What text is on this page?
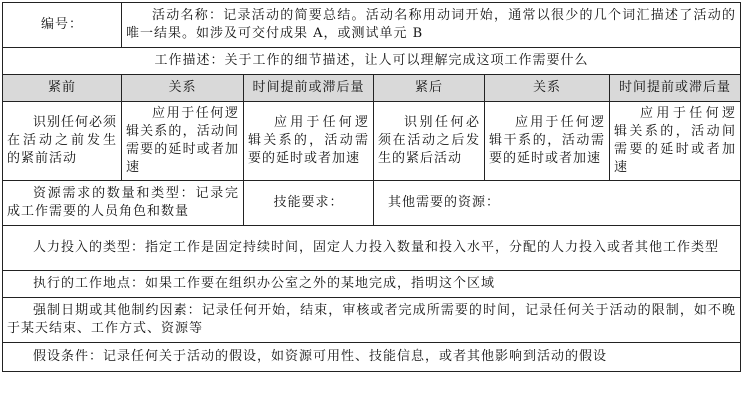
编号：	活动名称：记录活动的简要总结。活动名称用动词开始，通常以很少的几个词汇描述了活动的唯一结果。如涉及可交付成果 A，或测试单元 B				
工作描述：关于工作的细节描述，让人可以理解完成这项工作需要什么					
紧前	关系	时间提前或滞后量	紧后	关系	时间提前或滞后量
识别任何必须在活动之前发生的紧前活动	应用于任何逻辑关系的，活动间需要的延时或者加速	应用于任何逻辑关系的，活动需要的延时或者加速	识别任何必须在活动之后发生的紧后活动	应用于任何逻辑干系的，活动需要的延时或者加速	应用于任何逻辑关系的，活动间需要的延时或者加速
资源需求的数量和类型：记录完成工作需要的人员角色和数量		技能要求：	其他需要的资源：		
人力投入的类型：指定工作是固定持续时间，固定人力投入数量和投入水平，分配的人力投入或者其他工作类型					
执行的工作地点：如果工作要在组织办公室之外的某地完成，指明这个区域					
强制日期或其他制约因素：记录任何开始，结束，审核或者完成所需要的时间，记录任何关于活动的限制，如不晚于某天结束、工作方式、资源等					
假设条件：记录任何关于活动的假设，如资源可用性、技能信息，或者其他影响到活动的假设					
